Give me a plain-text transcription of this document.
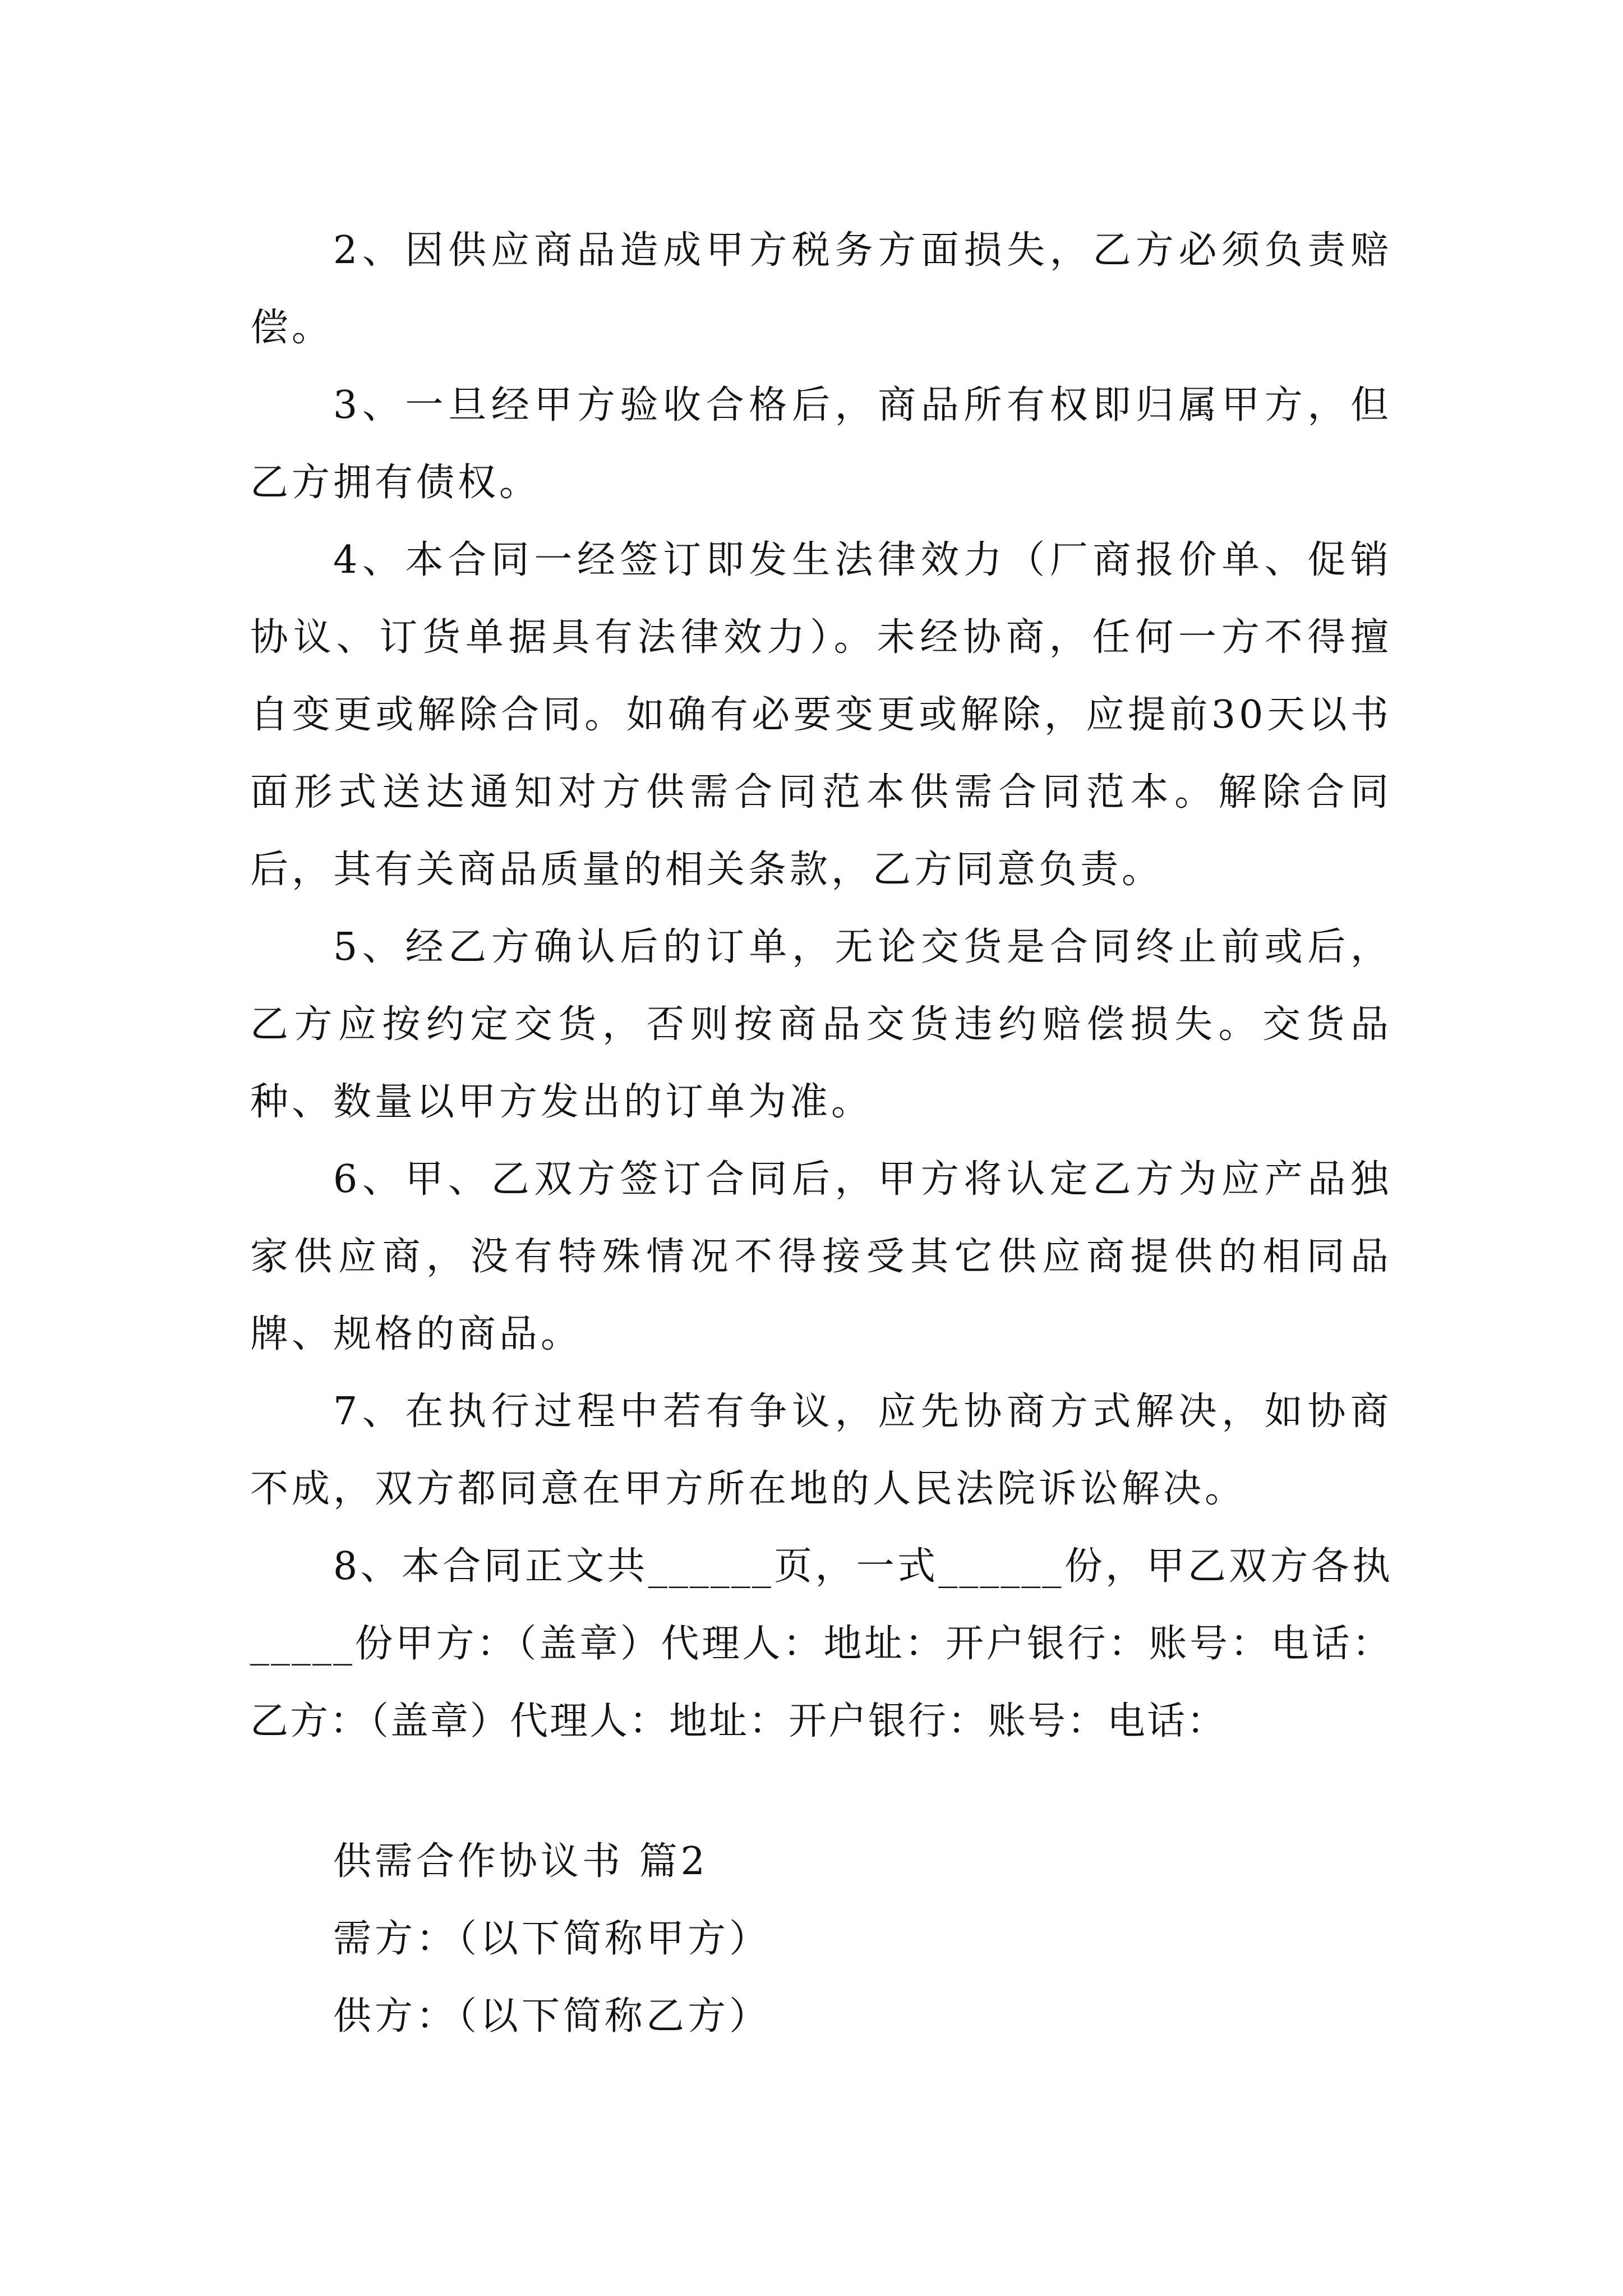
2、因供应商品造成甲方税务方面损失，乙方必须负责赔偿。

3、一旦经甲方验收合格后，商品所有权即归属甲方，但乙方拥有债权。

4、本合同一经签订即发生法律效力（厂商报价单、促销协议、订货单据具有法律效力）。未经协商，任何一方不得擅自变更或解除合同。如确有必要变更或解除，应提前30天以书面形式送达通知对方供需合同范本供需合同范本。解除合同后，其有关商品质量的相关条款，乙方同意负责。

5、经乙方确认后的订单，无论交货是合同终止前或后，乙方应按约定交货，否则按商品交货违约赔偿损失。交货品种、数量以甲方发出的订单为准。

6、甲、乙双方签订合同后，甲方将认定乙方为应产品独家供应商，没有特殊情况不得接受其它供应商提供的相同品牌、规格的商品。

7、在执行过程中若有争议，应先协商方式解决，如协商不成，双方都同意在甲方所在地的人民法院诉讼解决。

8、本合同正文共______页，一式______份，甲乙双方各执_____份甲方：（盖章）代理人：地址：开户银行：账号：电话：乙方：（盖章）代理人：地址：开户银行：账号：电话：

供需合作协议书 篇2

需方：（以下简称甲方）

供方：（以下简称乙方）
